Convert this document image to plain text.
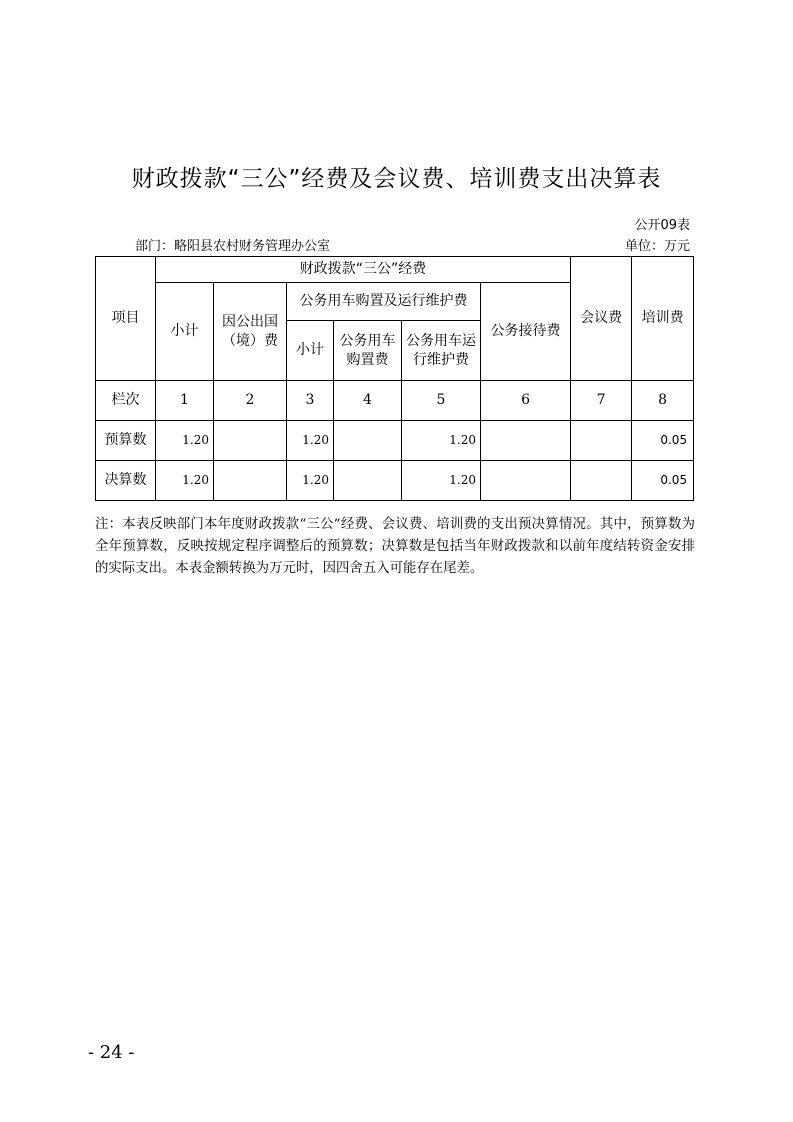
财政拨款“三公”经费及会议费、培训费支出决算表
公开09表
部门：略阳县农村财务管理办公室	单位：万元
项目	财政拨款“三公”经费						会议费	培训费
	小计	因公出国（境）费	公务用车购置及运行维护费			公务接待费		
			小计	公务用车购置费	公务用车运行维护费			

栏次	1	2	3	4	5	6	7	8
预算数	1.20		1.20		1.20			0.05
决算数	1.20		1.20		1.20			0.05
注：本表反映部门本年度财政拨款“三公”经费、会议费、培训费的支出预决算情况。其中，预算数为全年预算数，反映按规定程序调整后的预算数；决算数是包括当年财政拨款和以前年度结转资金安排的实际支出。本表金额转换为万元时，因四舍五入可能存在尾差。
- 24 -
